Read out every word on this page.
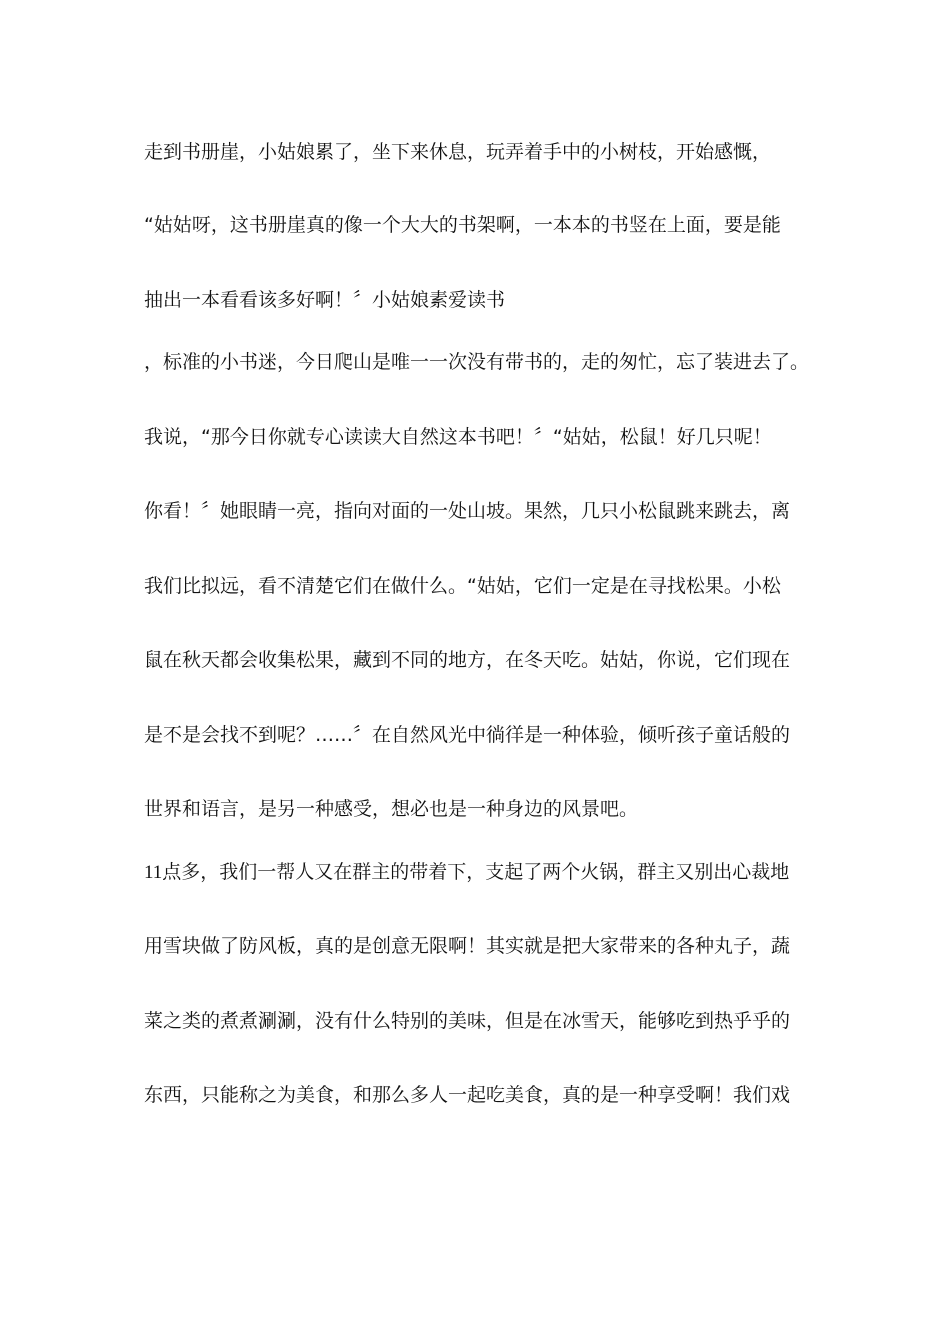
走到书册崖，小姑娘累了，坐下来休息，玩弄着手中的小树枝，开始感慨，
“姑姑呀，这书册崖真的像一个大大的书架啊，一本本的书竖在上面，要是能
抽出一本看看该多好啊！〞小姑娘素爱读书
，标准的小书迷，今日爬山是唯一一次没有带书的，走的匆忙，忘了装进去了。
我说，“那今日你就专心读读大自然这本书吧！〞“姑姑，松鼠！好几只呢！
你看！〞她眼睛一亮，指向对面的一处山坡。果然，几只小松鼠跳来跳去，离
我们比拟远，看不清楚它们在做什么。“姑姑，它们一定是在寻找松果。小松
鼠在秋天都会收集松果，藏到不同的地方，在冬天吃。姑姑，你说，它们现在
是不是会找不到呢？……〞在自然风光中徜徉是一种体验，倾听孩子童话般的
世界和语言，是另一种感受，想必也是一种身边的风景吧。
11点多，我们一帮人又在群主的带着下，支起了两个火锅，群主又别出心裁地
用雪块做了防风板，真的是创意无限啊！其实就是把大家带来的各种丸子，蔬
菜之类的煮煮涮涮，没有什么特别的美味，但是在冰雪天，能够吃到热乎乎的
东西，只能称之为美食，和那么多人一起吃美食，真的是一种享受啊！我们戏
